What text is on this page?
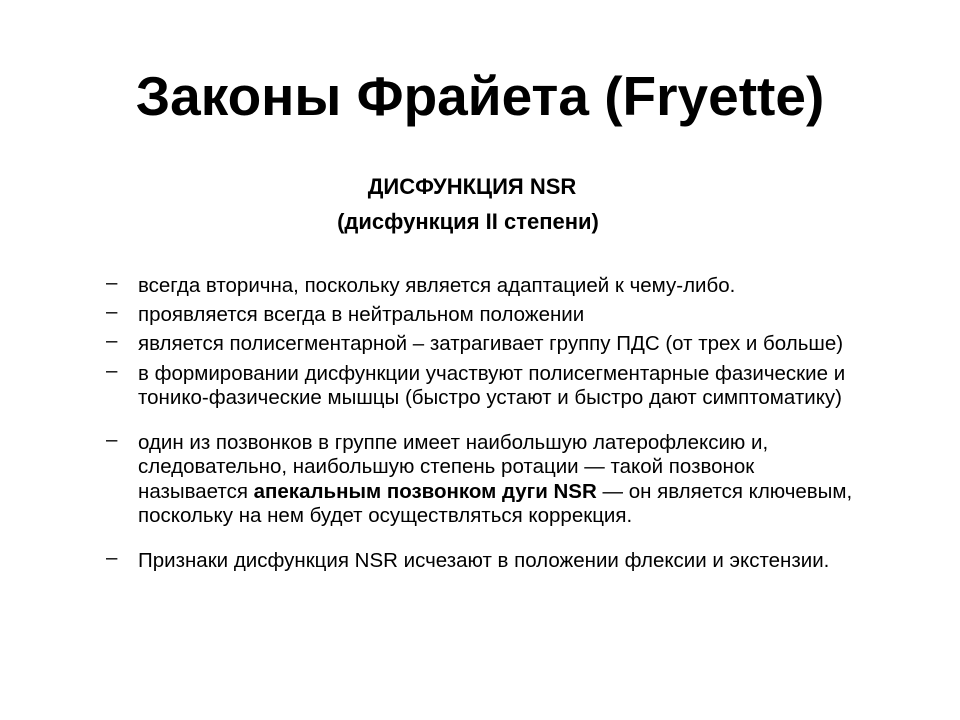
Законы Фрайета (Fryette)

ДИСФУНКЦИЯ NSR

(дисфункция II степени)

– всегда вторична, поскольку является адаптацией к чему-либо.
– проявляется всегда в нейтральном положении
– является полисегментарной – затрагивает группу ПДС (от трех и больше)
– в формировании дисфункции участвуют полисегментарные фазические и тонико-фазические мышцы (быстро устают и быстро дают симптоматику)
– один из позвонков в группе имеет наибольшую латерофлексию и, следовательно, наибольшую степень ротации — такой позвонок называется апекальным позвонком дуги NSR — он является ключевым, поскольку на нем будет осуществляться коррекция.
– Признаки дисфункция NSR исчезают в положении флексии и экстензии.
